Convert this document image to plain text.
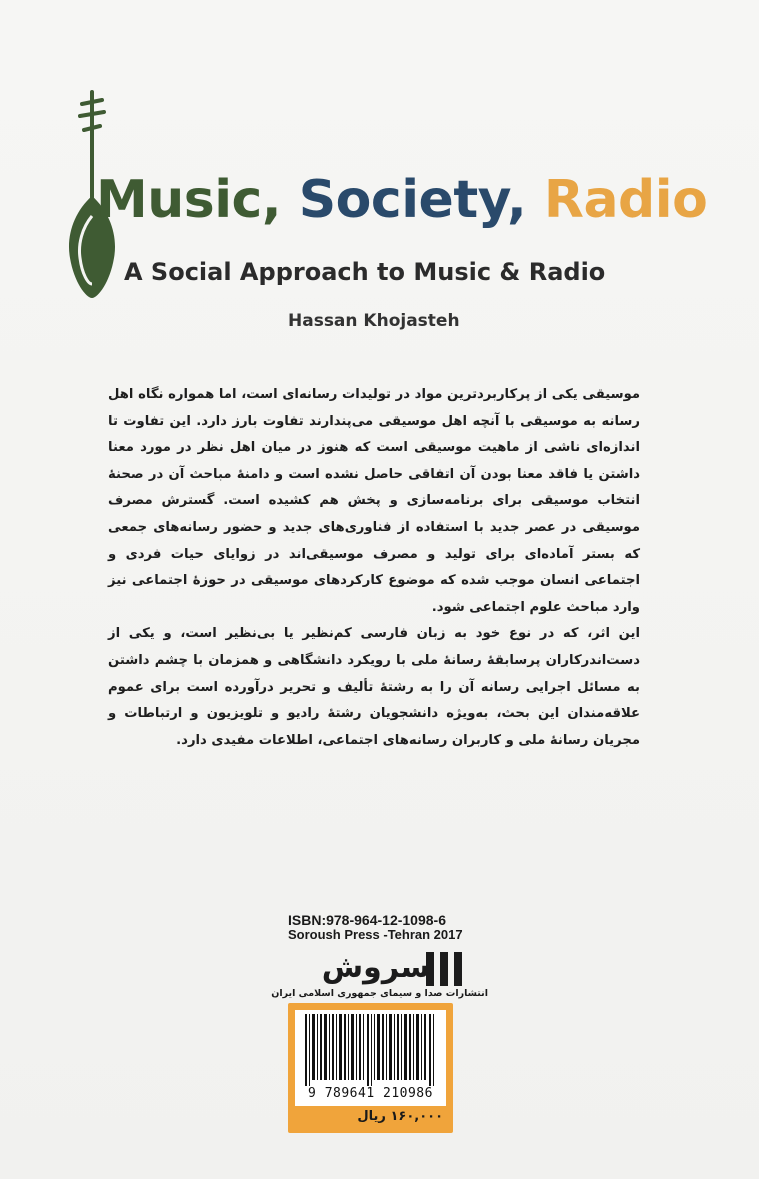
Music, Society, Radio
A Social Approach to Music & Radio
Hassan Khojasteh

موسیقی یکی از پرکاربردترین مواد در تولیدات رسانه‌ای است، اما همواره نگاه اهل رسانه به موسیقی با آنچه اهل موسیقی می‌پندارند تفاوت بارز دارد. این تفاوت تا اندازه‌ای ناشی از ماهیت موسیقی است که هنوز در میان اهل نظر در مورد معنا داشتن یا فاقد معنا بودن آن اتفاقی حاصل نشده است و دامنهٔ مباحث آن در صحنهٔ انتخاب موسیقی برای برنامه‌سازی و پخش هم کشیده است. گسترش مصرف موسیقی در عصر جدید با استفاده از فناوری‌های جدید و حضور رسانه‌های جمعی که بستر آماده‌ای برای تولید و مصرف موسیقی‌اند در زوایای حیات فردی و اجتماعی انسان موجب شده که موضوع کارکردهای موسیقی در حوزهٔ اجتماعی نیز وارد مباحث علوم اجتماعی شود.

این اثر، که در نوع خود به زبان فارسی کم‌نظیر یا بی‌نظیر است، و یکی از دست‌اندرکاران پرسابقهٔ رسانهٔ ملی با رویکرد دانشگاهی و همزمان با چشم داشتن به مسائل اجرایی رسانه آن را به رشتهٔ تألیف و تحریر درآورده است برای عموم علاقه‌مندان این بحث، به‌ویژه دانشجویان رشتهٔ رادیو و تلویزیون و ارتباطات و مجریان رسانهٔ ملی و کاربران رسانه‌های اجتماعی، اطلاعات مفیدی دارد.

ISBN:978-964-12-1098-6
Soroush Press -Tehran 2017
سروش
انتشارات صدا و سیمای جمهوری اسلامی ایران
9 789641 210986
۱۶۰,۰۰۰ ریال
